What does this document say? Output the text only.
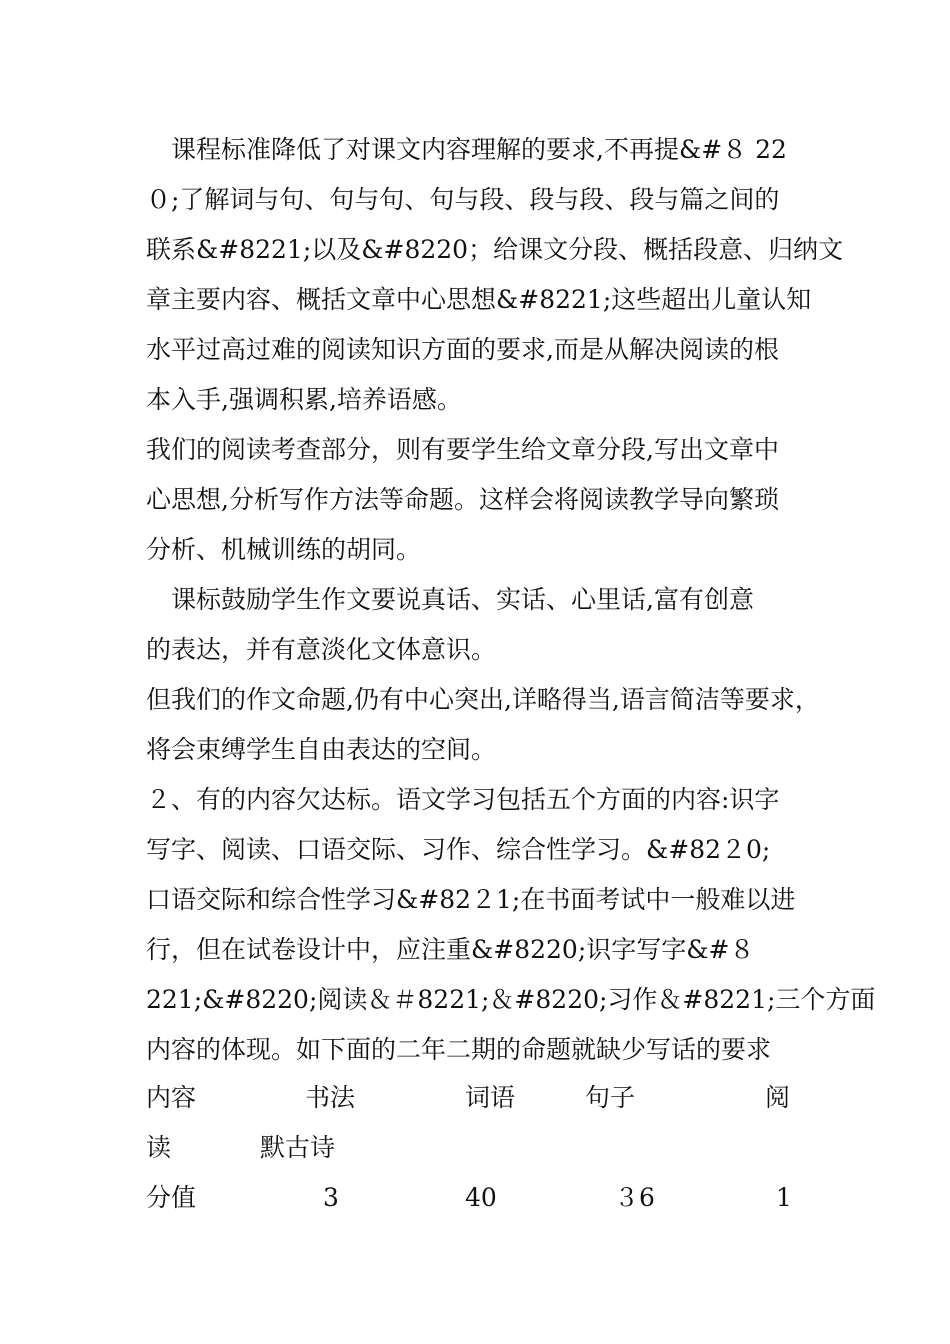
　课程标准降低了对课文内容理解的要求,不再提&#８ 22
０;了解词与句、句与句、句与段、段与段、段与篇之间的
联系&#8221;以及&#8220；给课文分段、概括段意、归纳文
章主要内容、概括文章中心思想&#8221;这些超出儿童认知
水平过高过难的阅读知识方面的要求,而是从解决阅读的根
本入手,强调积累,培养语感。
我们的阅读考查部分，则有要学生给文章分段,写出文章中
心思想,分析写作方法等命题。这样会将阅读教学导向繁琐
分析、机械训练的胡同。
　课标鼓励学生作文要说真话、实话、心里话,富有创意
的表达，并有意淡化文体意识。
但我们的作文命题,仍有中心突出,详略得当,语言简洁等要求，
将会束缚学生自由表达的空间。
２、有的内容欠达标。语文学习包括五个方面的内容:识字
写字、阅读、口语交际、习作、综合性学习。&#82２0;
口语交际和综合性学习&#82２1;在书面考试中一般难以进
行，但在试卷设计中，应注重&#8220;识字写字&#８
221;&#8220;阅读＆＃8221;＆#8220;习作＆#8221;三个方面
内容的体现。如下面的二年二期的命题就缺少写话的要求
内容	书法	词语	句子	阅
读	默古诗
分值	3	40	３6	1
